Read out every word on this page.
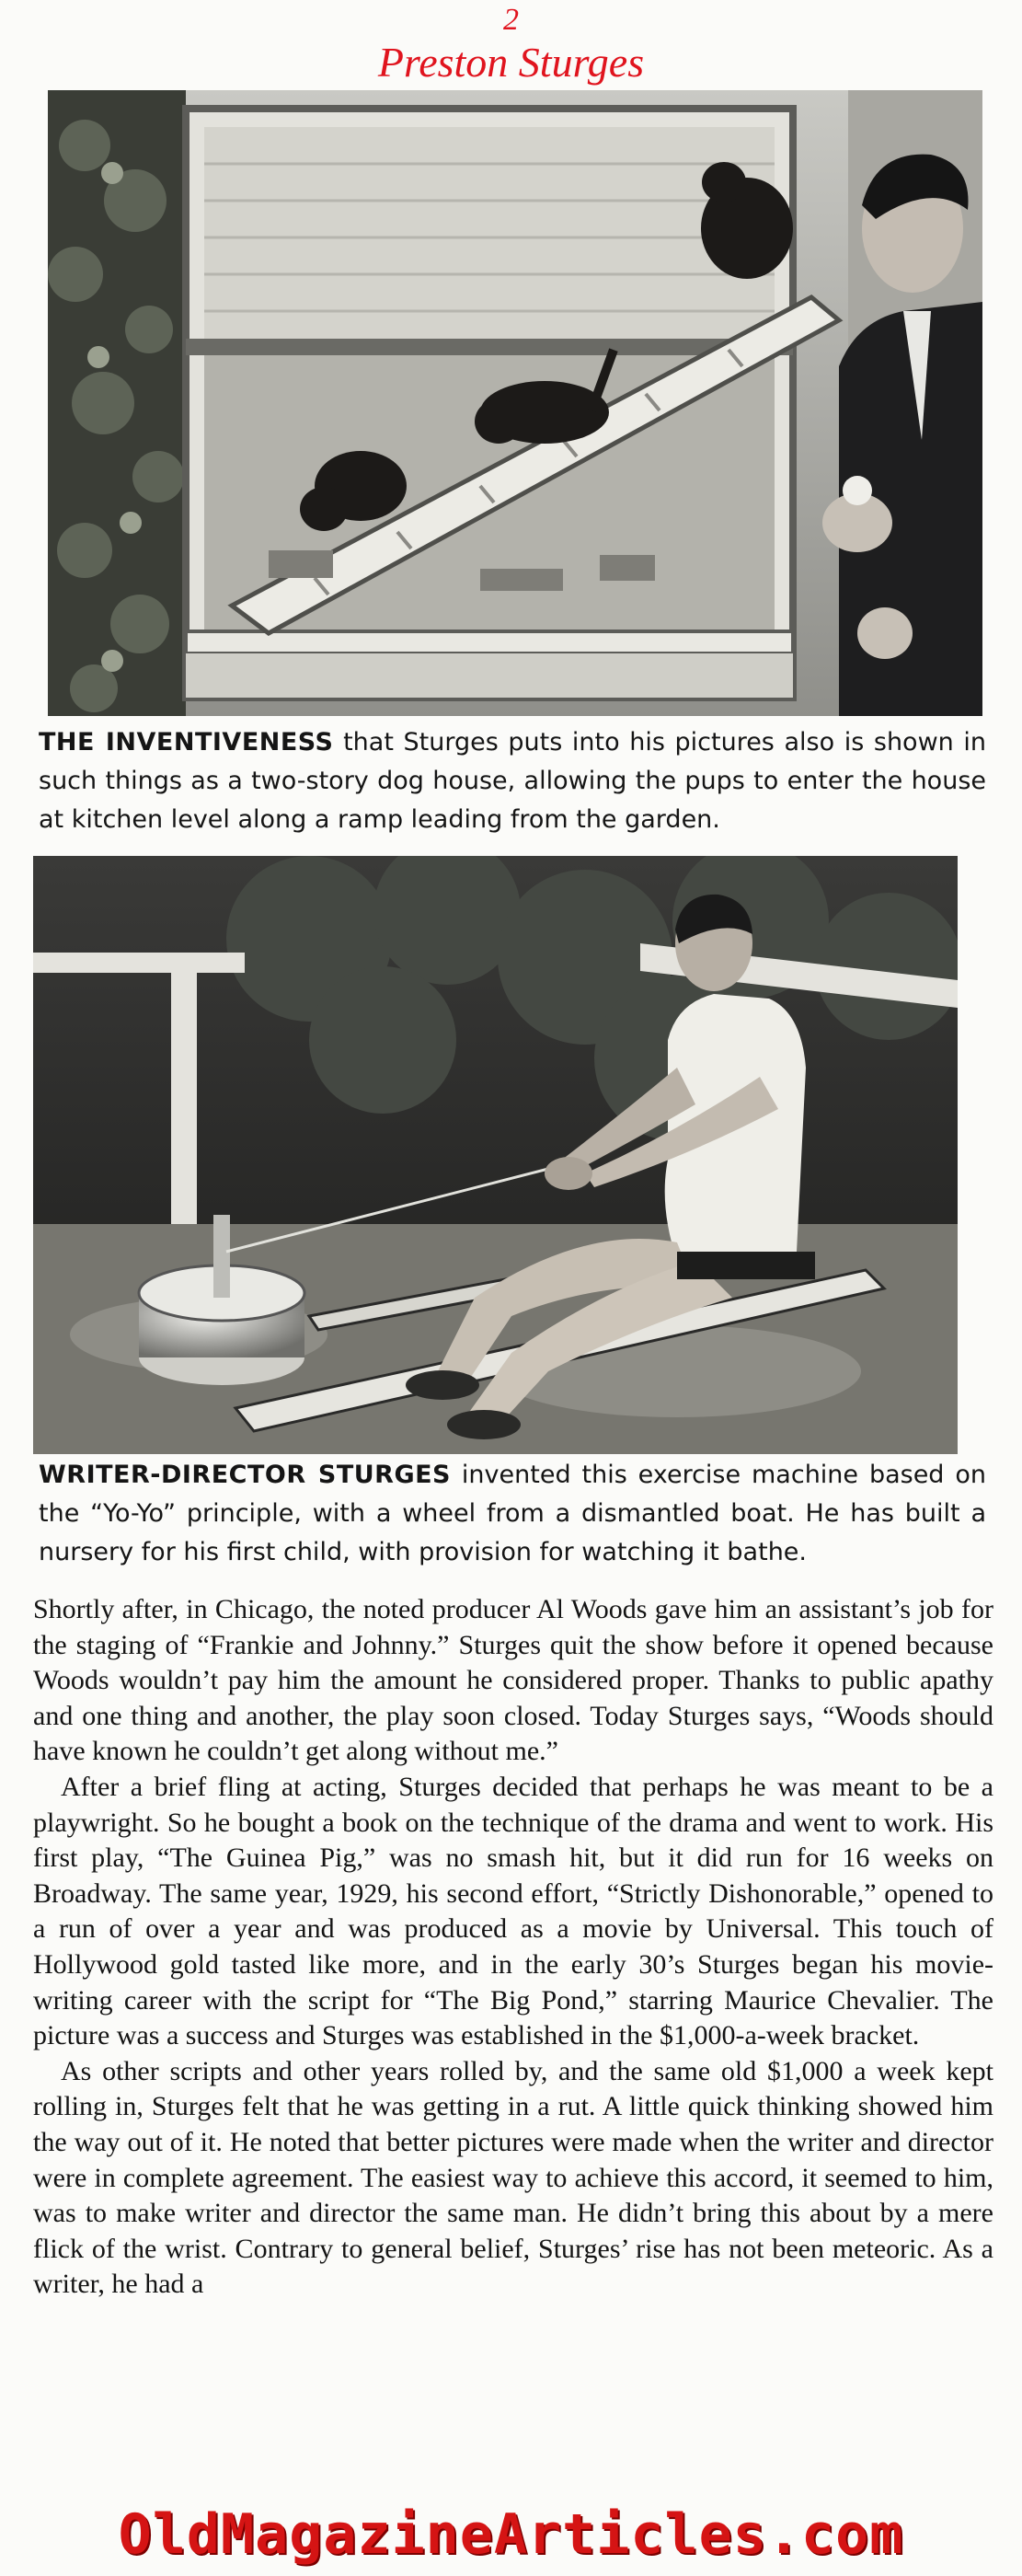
2
Preston Sturges
THE INVENTIVENESS that Sturges puts into his pictures also is shown in such things as a two-story dog house, allowing the pups to enter the house at kitchen level along a ramp leading from the garden.
WRITER-DIRECTOR STURGES invented this exercise machine based on the “Yo-Yo” principle, with a wheel from a dismantled boat. He has built a nursery for his first child, with provision for watching it bathe.

Shortly after, in Chicago, the noted producer Al Woods gave him an assistant’s job for the staging of “Frankie and Johnny.” Sturges quit the show before it opened because Woods wouldn’t pay him the amount he considered proper. Thanks to public apathy and one thing and another, the play soon closed. Today Sturges says, “Woods should have known he couldn’t get along without me.”

After a brief fling at acting, Sturges decided that perhaps he was meant to be a playwright. So he bought a book on the technique of the drama and went to work. His first play, “The Guinea Pig,” was no smash hit, but it did run for 16 weeks on Broadway. The same year, 1929, his second effort, “Strictly Dishonorable,” opened to a run of over a year and was produced as a movie by Universal. This touch of Hollywood gold tasted like more, and in the early 30’s Sturges began his movie-writing career with the script for “The Big Pond,” starring Maurice Chevalier. The picture was a success and Sturges was established in the $1,000-a-week bracket.

As other scripts and other years rolled by, and the same old $1,000 a week kept rolling in, Sturges felt that he was getting in a rut. A little quick thinking showed him the way out of it. He noted that better pictures were made when the writer and director were in complete agreement. The easiest way to achieve this accord, it seemed to him, was to make writer and director the same man. He didn’t bring this about by a mere flick of the wrist. Contrary to general belief, Sturges’ rise has not been meteoric. As a writer, he had a

OldMagazineArticles.com
